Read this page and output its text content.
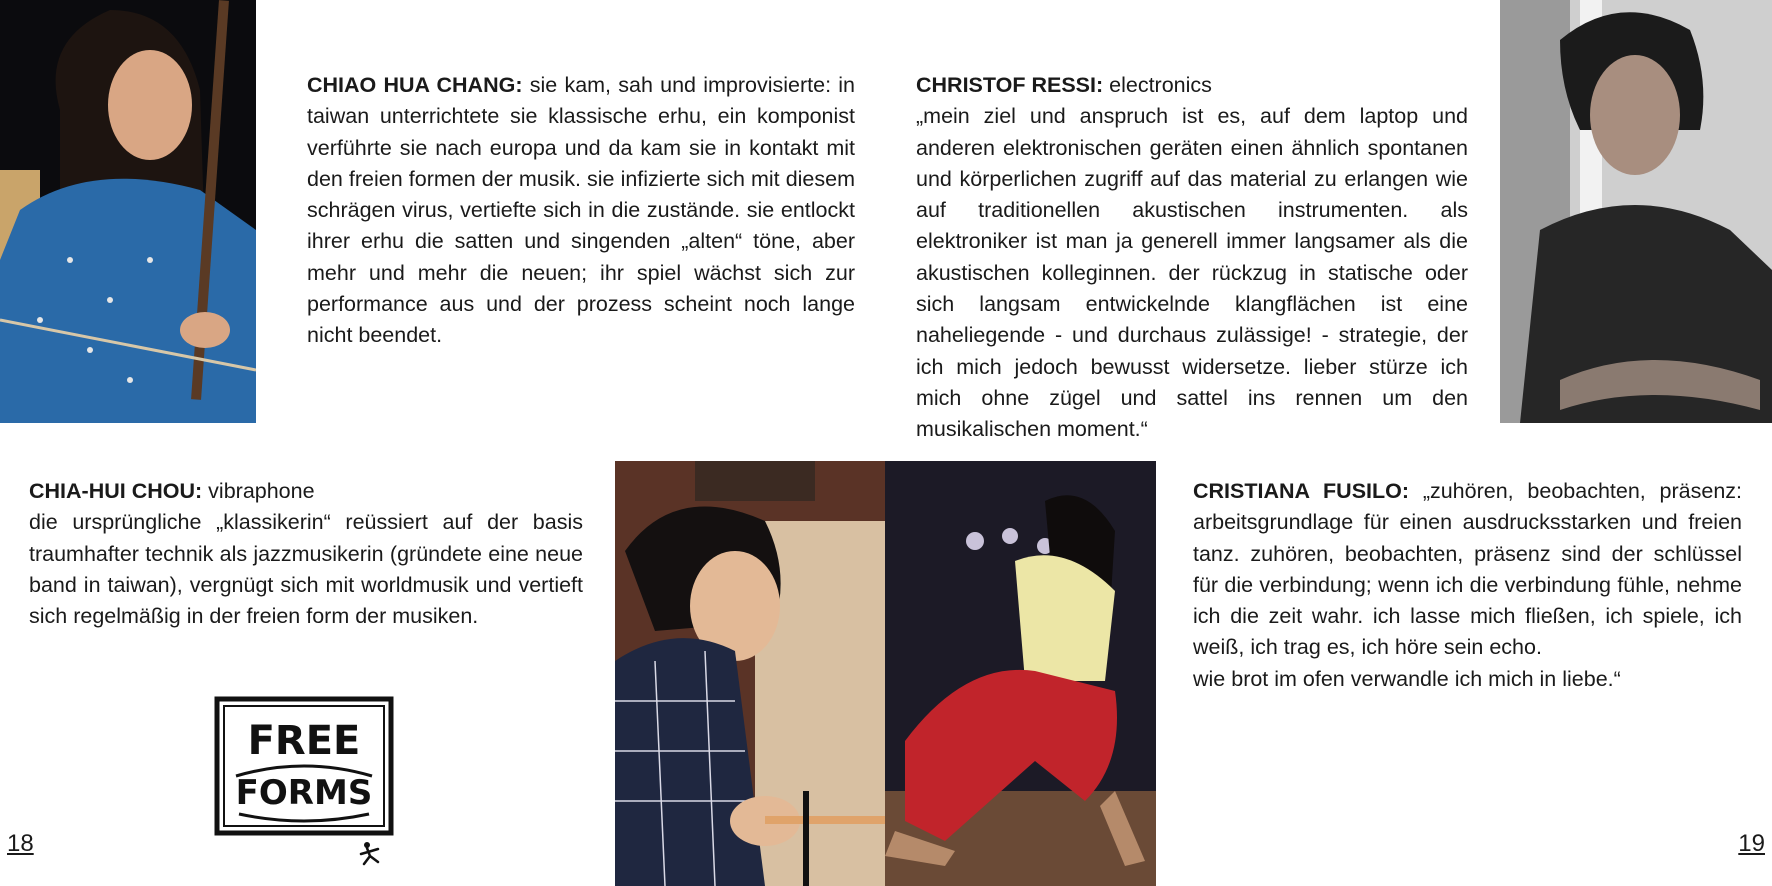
CHIAO HUA CHANG: sie kam, sah und improvisierte: in taiwan unterrichtete sie klassische erhu, ein komponist verführte sie nach europa und da kam sie in kontakt mit den freien formen der musik. sie infizierte sich mit diesem schrägen virus, vertiefte sich in die zustände. sie entlockt ihrer erhu die satten und singenden „alten“ töne, aber mehr und mehr die neuen; ihr spiel wächst sich zur performance aus und der prozess scheint noch lange nicht beendet.

CHRISTOF RESSI: electronics

„mein ziel und anspruch ist es, auf dem laptop und anderen elektronischen geräten einen ähnlich spontanen und körperlichen zugriff auf das material zu erlangen wie auf traditionellen akustischen instrumenten. als elektroniker ist man ja generell immer langsamer als die akustischen kolleginnen. der rückzug in statische oder sich langsam entwickelnde klangflächen ist eine naheliegende - und durchaus zulässige! - strategie, der ich mich jedoch bewusst widersetze. lieber stürze ich mich ohne zügel und sattel ins rennen um den musikalischen moment.“

CHIA-HUI CHOU: vibraphone

die ursprüngliche „klassikerin“ reüssiert auf der basis traumhafter technik als jazzmusikerin (gründete eine neue band in taiwan), vergnügt sich mit worldmusik und vertieft sich regelmäßig in der freien form der musiken.

CRISTIANA FUSILO: „zuhören, beobachten, präsenz: arbeitsgrundlage für einen ausdrucksstarken und freien tanz. zuhören, beobachten, präsenz sind der schlüssel für die verbindung; wenn ich die verbindung fühle, nehme ich die zeit wahr. ich lasse mich fließen, ich spiele, ich weiß, ich trag es, ich höre sein echo.

wie brot im ofen verwandle ich mich in liebe.“

FREE
FORMS
18	19
